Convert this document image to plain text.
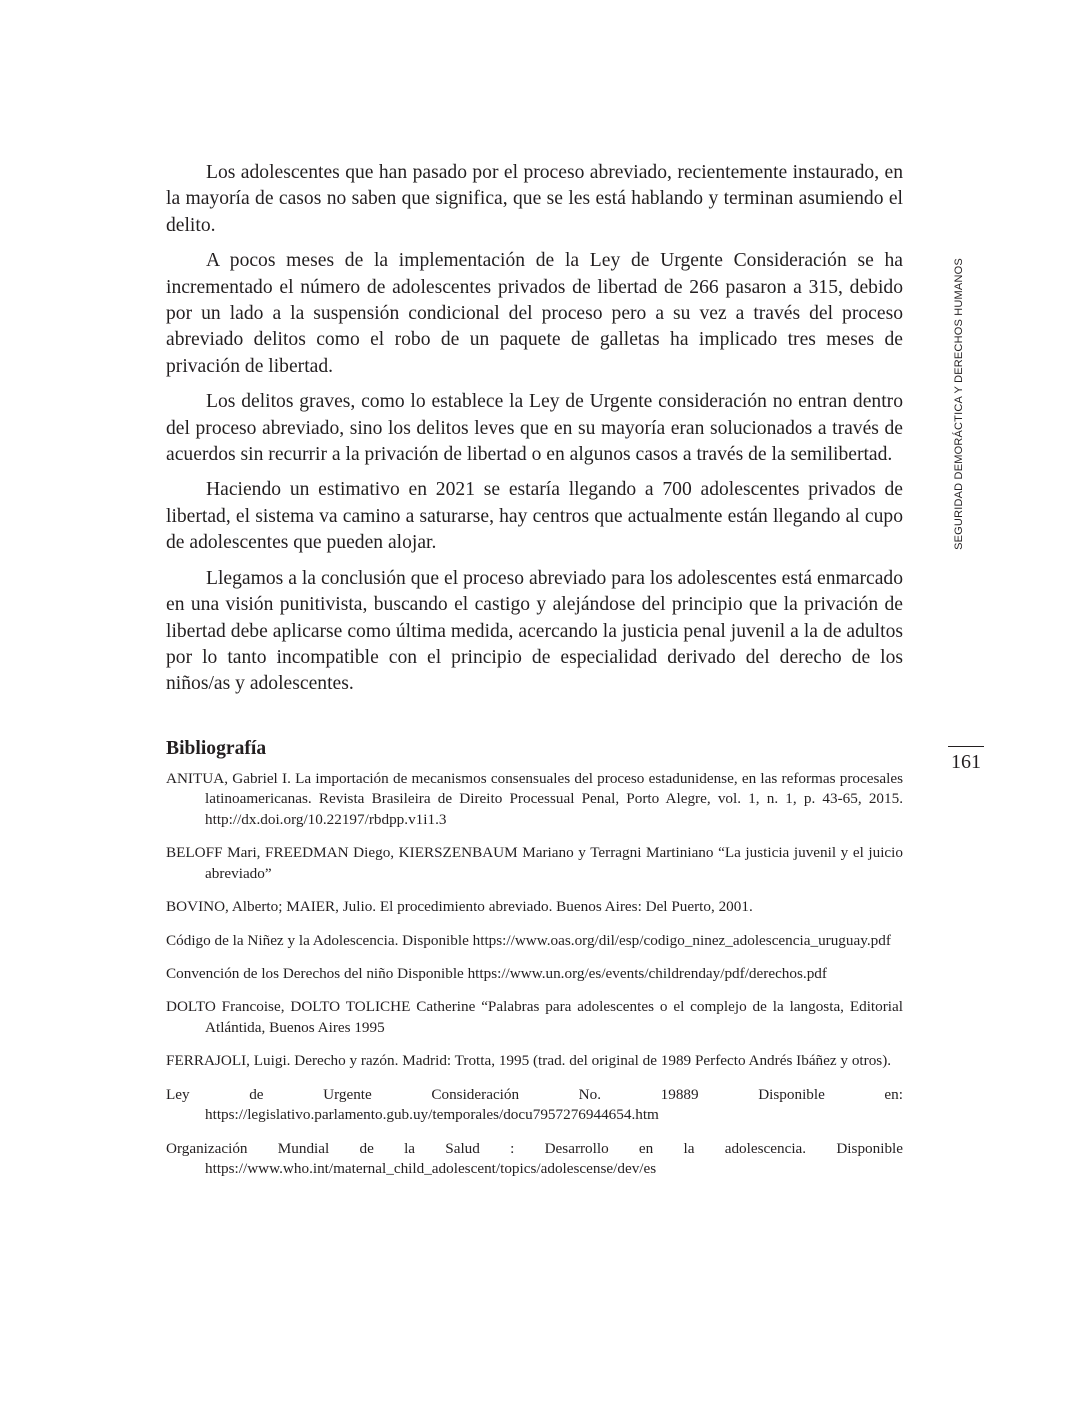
SEGURIDAD DEMORÁCTICA Y DERECHOS HUMANOS
161

Los adolescentes que han pasado por el proceso abreviado, recientemente instaurado, en la mayoría de casos no saben que significa, que se les está hablando y terminan asumiendo el delito.

A pocos meses de la implementación de la Ley de Urgente Consideración se ha incrementado el número de adolescentes privados de libertad de 266 pasaron a 315, debido por un lado a la suspensión condicional del proceso pero a su vez a través del proceso abreviado delitos como el robo de un paquete de galletas ha implicado tres meses de privación de libertad.

Los delitos graves, como lo establece la Ley de Urgente consideración no entran dentro del proceso abreviado, sino los delitos leves que en su mayoría eran solucionados a través de acuerdos sin recurrir a la privación de libertad o en algunos casos a través de la semilibertad.

Haciendo un estimativo en 2021 se estaría llegando a 700 adolescentes privados de libertad, el sistema va camino a saturarse, hay centros que actualmente están llegando al cupo de adolescentes que pueden alojar.

Llegamos a la conclusión que el proceso abreviado para los adolescentes está enmarcado en una visión punitivista, buscando el castigo y alejándose del principio que la privación de libertad debe aplicarse como última medida, acercando la justicia penal juvenil a la de adultos por lo tanto incompatible con el principio de especialidad derivado del derecho de los niños/as y adolescentes.

Bibliografía
ANITUA, Gabriel I. La importación de mecanismos consensuales del proceso estadunidense, en las reformas procesales latinoamericanas. Revista Brasileira de Direito Processual Penal, Porto Alegre, vol. 1, n. 1, p. 43-65, 2015. http://dx.doi.org/10.22197/rbdpp.v1i1.3
BELOFF Mari, FREEDMAN Diego, KIERSZENBAUM Mariano y Terragni Martiniano “La justicia juvenil y el juicio abreviado”
BOVINO, Alberto; MAIER, Julio. El procedimiento abreviado. Buenos Aires: Del Puerto, 2001.
Código de la Niñez y la Adolescencia. Disponible https://www.oas.org/dil/esp/codigo_ninez_adolescencia_uruguay.pdf
Convención de los Derechos del niño Disponible https://www.un.org/es/events/childrenday/pdf/derechos.pdf
DOLTO Francoise, DOLTO TOLICHE Catherine “Palabras para adolescentes o el complejo de la langosta, Editorial Atlántida, Buenos Aires 1995
FERRAJOLI, Luigi. Derecho y razón. Madrid: Trotta, 1995 (trad. del original de 1989 Perfecto Andrés Ibáñez y otros).
Ley de Urgente Consideración No. 19889 Disponible en: https://legislativo.parlamento.gub.uy/temporales/docu7957276944654.htm
Organización Mundial de la Salud : Desarrollo en la adolescencia. Disponible https://www.who.int/maternal_child_adolescent/topics/adolescense/dev/es
